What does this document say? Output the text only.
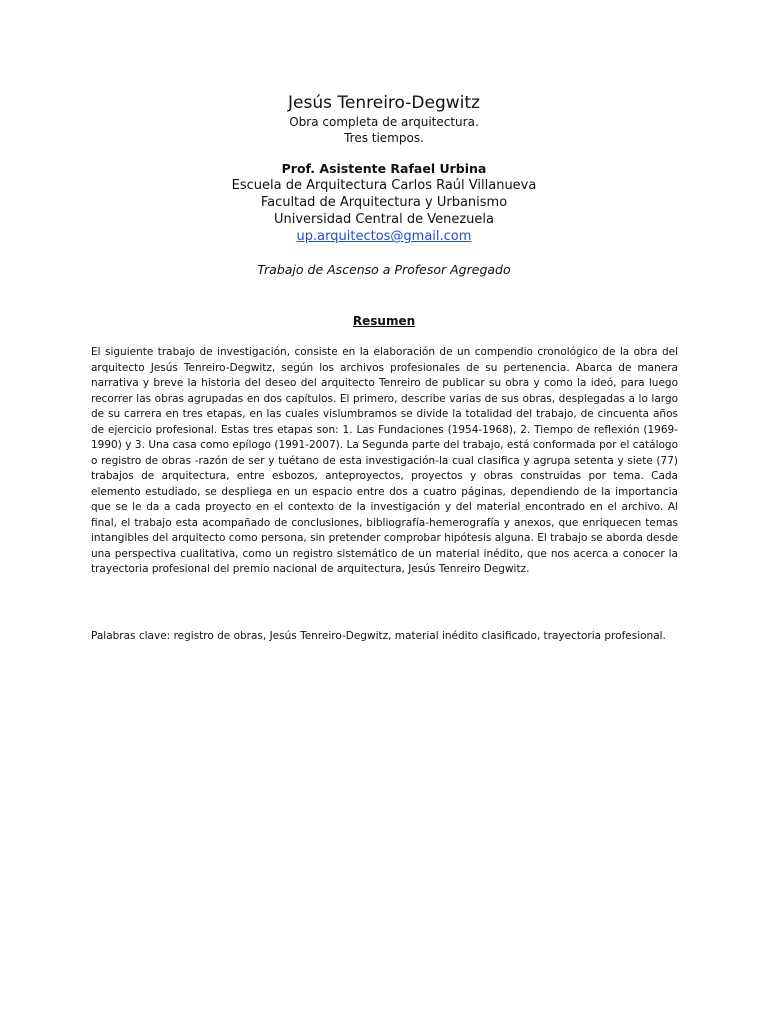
Jesús Tenreiro-Degwitz

Obra completa de arquitectura.

Tres tiempos.

Prof. Asistente Rafael Urbina

Escuela de Arquitectura Carlos Raúl Villanueva

Facultad de Arquitectura y Urbanismo

Universidad Central de Venezuela

up.arquitectos@gmail.com

Trabajo de Ascenso a Profesor Agregado

Resumen

El siguiente trabajo de investigación, consiste en la elaboración de un compendio cronológico de la obra del arquitecto Jesús Tenreiro-Degwitz, según los archivos profesionales de su pertenencia. Abarca de manera narrativa y breve la historia del deseo del arquitecto Tenreiro de publicar su obra y como la ideó, para luego recorrer las obras agrupadas en dos capítulos. El primero, describe varias de sus obras, desplegadas a lo largo de su carrera en tres etapas, en las cuales vislumbramos se divide la totalidad del trabajo, de cincuenta años de ejercicio profesional. Estas tres etapas son: 1. Las Fundaciones (1954-1968), 2. Tiempo de reflexión (1969-1990) y 3. Una casa como epílogo (1991-2007). La Segunda parte del trabajo, está conformada por el catálogo o registro de obras -razón de ser y tuétano de esta investigación-la cual clasifica y agrupa setenta y siete (77) trabajos de arquitectura, entre esbozos, anteproyectos, proyectos y obras construidas por tema. Cada elemento estudiado, se despliega en un espacio entre dos a cuatro páginas, dependiendo de la importancia que se le da a cada proyecto en el contexto de la investigación y del material encontrado en el archivo. Al final, el trabajo esta acompañado de conclusiones, bibliografía-hemerografía y anexos, que enriquecen temas intangibles del arquitecto como persona, sin pretender comprobar hipótesis alguna. El trabajo se aborda desde una perspectiva cualitativa, como un registro sistemático de un material inédito, que nos acerca a conocer la trayectoria profesional del premio nacional de arquitectura, Jesús Tenreiro Degwitz.

Palabras clave: registro de obras, Jesús Tenreiro-Degwitz, material inédito clasificado, trayectoria profesional.
